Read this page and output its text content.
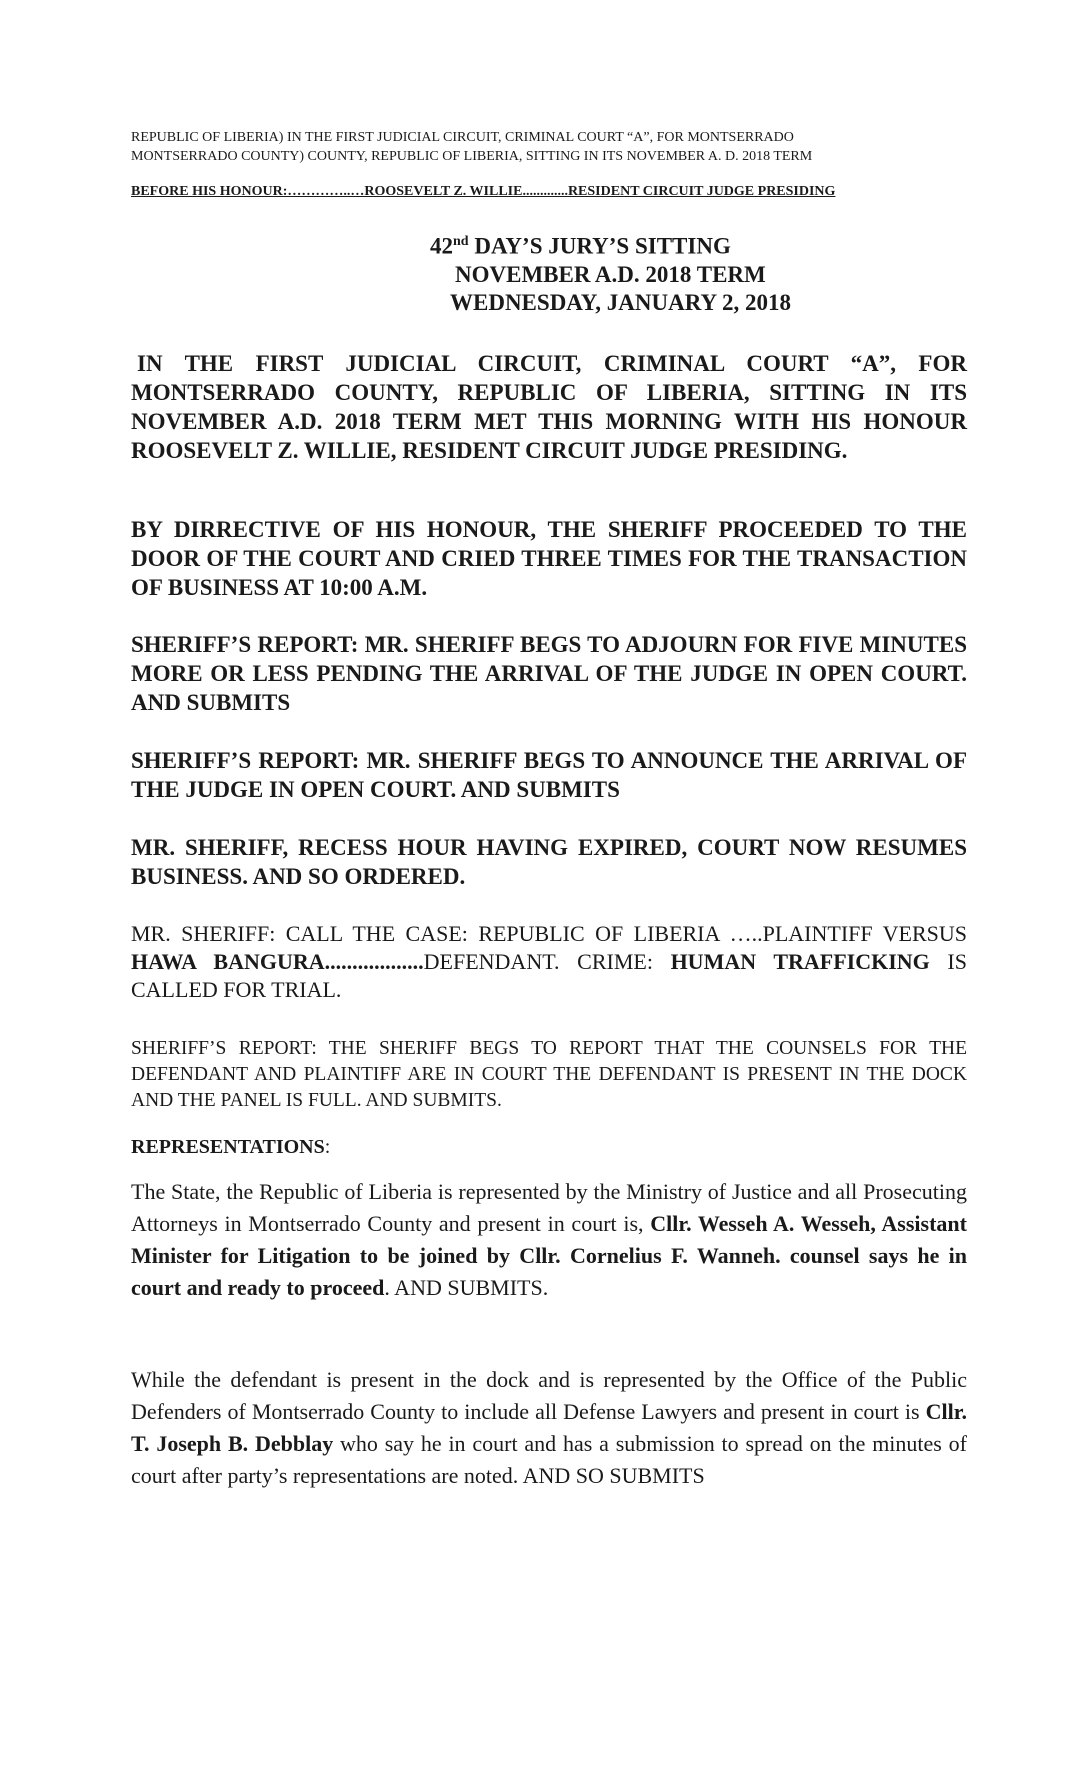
REPUBLIC OF LIBERIA) IN THE FIRST JUDICIAL CIRCUIT, CRIMINAL COURT “A”, FOR MONTSERRADO
MONTSERRADO COUNTY) COUNTY, REPUBLIC OF LIBERIA, SITTING IN ITS NOVEMBER A. D. 2018 TERM
BEFORE HIS HONOUR:…………..…ROOSEVELT Z. WILLIE.............RESIDENT CIRCUIT JUDGE PRESIDING
42nd DAY’S JURY’S SITTING
NOVEMBER A.D. 2018 TERM
WEDNESDAY, JANUARY 2, 2018
IN THE FIRST JUDICIAL CIRCUIT, CRIMINAL COURT “A”, FOR MONTSERRADO COUNTY, REPUBLIC OF LIBERIA, SITTING IN ITS NOVEMBER A.D. 2018 TERM MET THIS MORNING WITH HIS HONOUR ROOSEVELT Z. WILLIE, RESIDENT CIRCUIT JUDGE PRESIDING.
BY DIRRECTIVE OF HIS HONOUR, THE SHERIFF PROCEEDED TO THE DOOR OF THE COURT AND CRIED THREE TIMES FOR THE TRANSACTION OF BUSINESS AT 10:00 A.M.
SHERIFF’S REPORT: MR. SHERIFF BEGS TO ADJOURN FOR FIVE MINUTES MORE OR LESS PENDING THE ARRIVAL OF THE JUDGE IN OPEN COURT. AND SUBMITS
SHERIFF’S REPORT: MR. SHERIFF BEGS TO ANNOUNCE THE ARRIVAL OF THE JUDGE IN OPEN COURT. AND SUBMITS
MR. SHERIFF, RECESS HOUR HAVING EXPIRED, COURT NOW RESUMES BUSINESS. AND SO ORDERED.
MR. SHERIFF: CALL THE CASE: REPUBLIC OF LIBERIA …..PLAINTIFF VERSUS HAWA BANGURA..................DEFENDANT. CRIME: HUMAN TRAFFICKING IS CALLED FOR TRIAL.
SHERIFF’S REPORT: THE SHERIFF BEGS TO REPORT THAT THE COUNSELS FOR THE DEFENDANT AND PLAINTIFF ARE IN COURT THE DEFENDANT IS PRESENT IN THE DOCK AND THE PANEL IS FULL. AND SUBMITS.
REPRESENTATIONS:
The State, the Republic of Liberia is represented by the Ministry of Justice and all Prosecuting Attorneys in Montserrado County and present in court is, Cllr. Wesseh A. Wesseh, Assistant Minister for Litigation to be joined by Cllr. Cornelius F. Wanneh. counsel says he in court and ready to proceed. AND SUBMITS.
While the defendant is present in the dock and is represented by the Office of the Public Defenders of Montserrado County to include all Defense Lawyers and present in court is Cllr. T. Joseph B. Debblay who say he in court and has a submission to spread on the minutes of court after party’s representations are noted. AND SO SUBMITS
